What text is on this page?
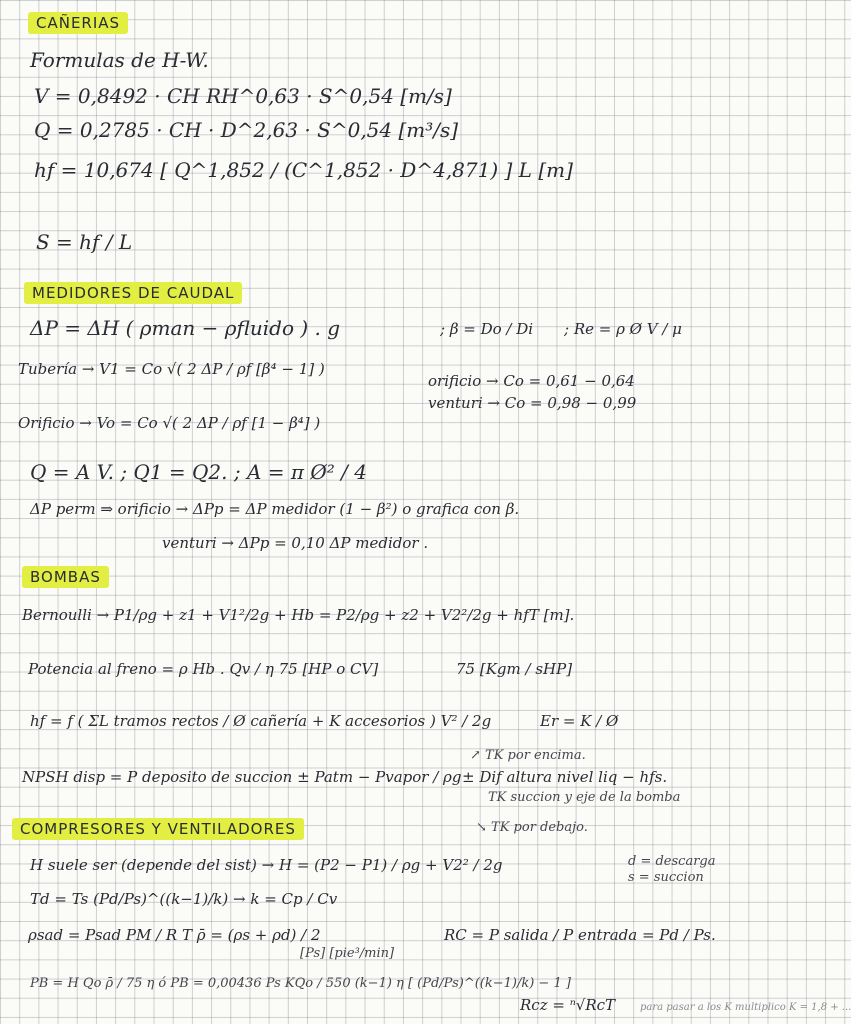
CAÑERIAS
Formulas de H-W.
V = 0,8492 · CH RH^0,63 · S^0,54 [m/s]
Q = 0,2785 · CH · D^2,63 · S^0,54 [m³/s]
hf = 10,674 [ Q^1,852 / (C^1,852 · D^4,871) ] L [m]
S = hf / L
MEDIDORES DE CAUDAL
ΔP = ΔH ( ρman − ρfluido ) . g	; β = Do / Di ; Re = ρ Ø V / μ
Tubería → V1 = Co √( 2 ΔP / ρf [β⁴ − 1] )
orificio → Co = 0,61 − 0,64
venturi → Co = 0,98 − 0,99
Orificio → Vo = Co √( 2 ΔP / ρf [1 − β⁴] )
Q = A V. ; Q1 = Q2. ; A = π Ø² / 4
ΔP perm ⇒ orificio → ΔPp = ΔP medidor (1 − β²) o grafica con β.
venturi → ΔPp = 0,10 ΔP medidor .
BOMBAS
Bernoulli → P1/ρg + z1 + V1²/2g + Hb = P2/ρg + z2 + V2²/2g + hfT [m].
Potencia al freno = ρ Hb . Qv / η 75 [HP o CV]	75 [Kgm / sHP]
hf = f ( ΣL tramos rectos / Ø cañería + K accesorios ) V² / 2g	Er = K / Ø
↗ TK por encima.
NPSH disp = P deposito de succion ± Patm − Pvapor / ρg ± Dif altura nivel liq − hfs.
TK succion y eje de la bomba
↘ TK por debajo.
COMPRESORES Y VENTILADORES
H suele ser (depende del sist) → H = (P2 − P1) / ρg + V2² / 2g	d = descarga
s = succion
Td = Ts (Pd/Ps)^((k−1)/k) → k = Cp / Cv
ρsad = Psad PM / R T ρ̄ = (ρs + ρd) / 2	RC = P salida / P entrada = Pd / Ps.
[Ps] [pie³/min]
PB = H Qo ρ̄ / 75 η ó PB = 0,00436 Ps KQo / 550 (k−1) η [ (Pd/Ps)^((k−1)/k) − 1 ]
Rcz = ⁿ√RcT para pasar a los K multiplico K = 1,8 + ...
